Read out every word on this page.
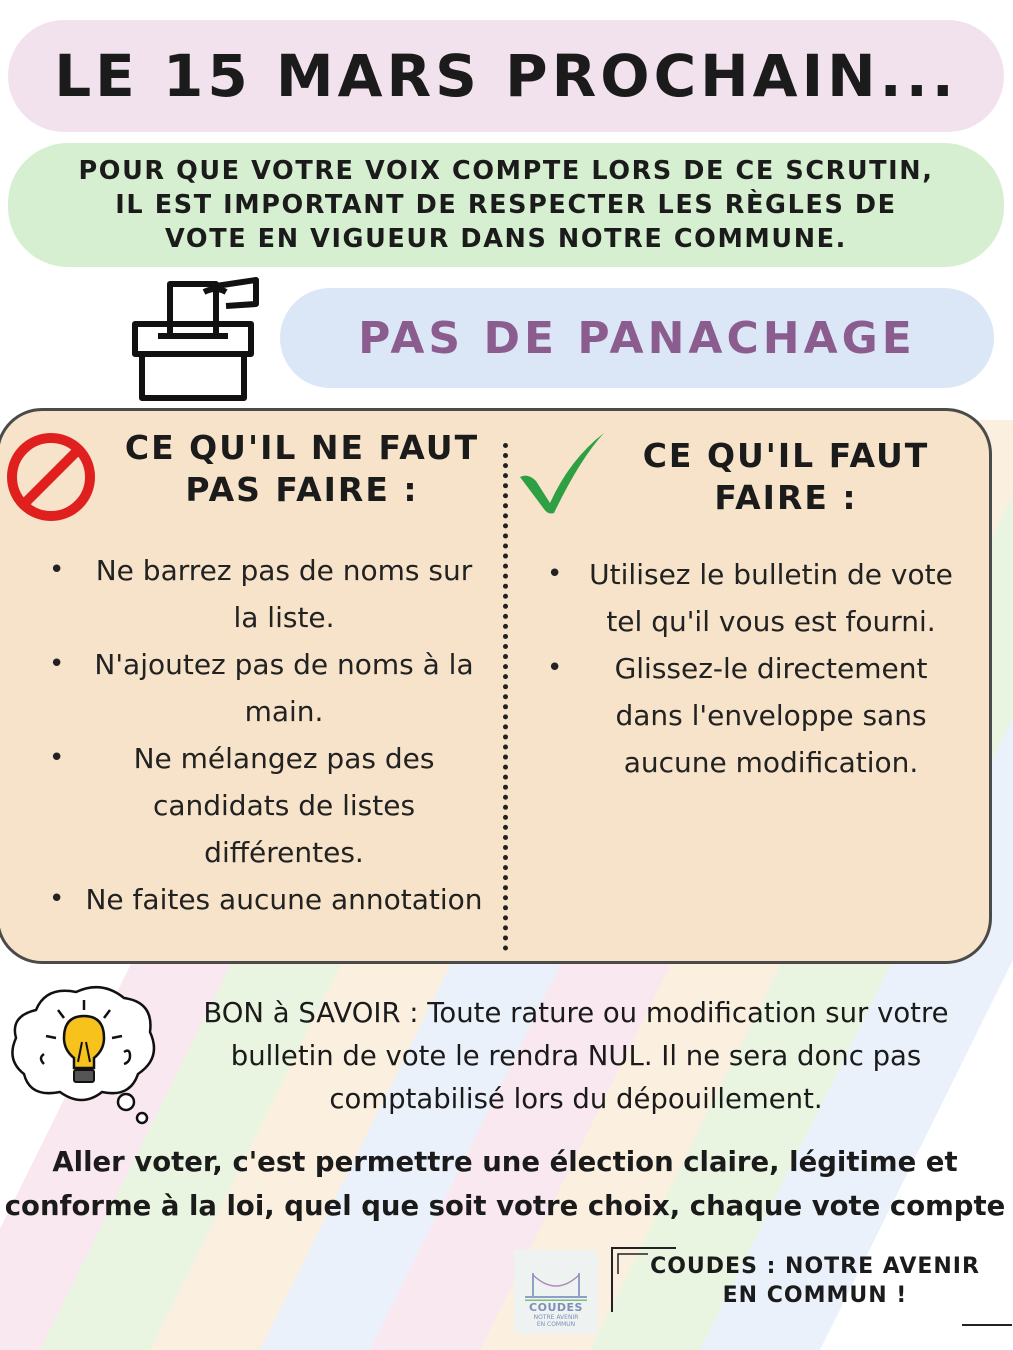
LE 15 MARS PROCHAIN...
POUR QUE VOTRE VOIX COMPTE LORS DE CE SCRUTIN,
IL EST IMPORTANT DE RESPECTER LES RÈGLES DE
VOTE EN VIGUEUR DANS NOTRE COMMUNE.
PAS DE PANACHAGE
CE QU'IL NE FAUT
PAS FAIRE :
CE QU'IL FAUT
FAIRE :
• Ne barrez pas de noms sur la liste.
• N'ajoutez pas de noms à la main.
• Ne mélangez pas des candidats de listes différentes.
• Ne faites aucune annotation
• Utilisez le bulletin de vote tel qu'il vous est fourni.
• Glissez-le directement dans l'enveloppe sans aucune modification.
BON à SAVOIR : Toute rature ou modification sur votre bulletin de vote le rendra NUL. Il ne sera donc pas comptabilisé lors du dépouillement.
Aller voter, c'est permettre une élection claire, légitime et conforme à la loi, quel que soit votre choix, chaque vote compte
COUDES
NOTRE AVENIR
EN COMMUN
COUDES : NOTRE AVENIR
EN COMMUN !
